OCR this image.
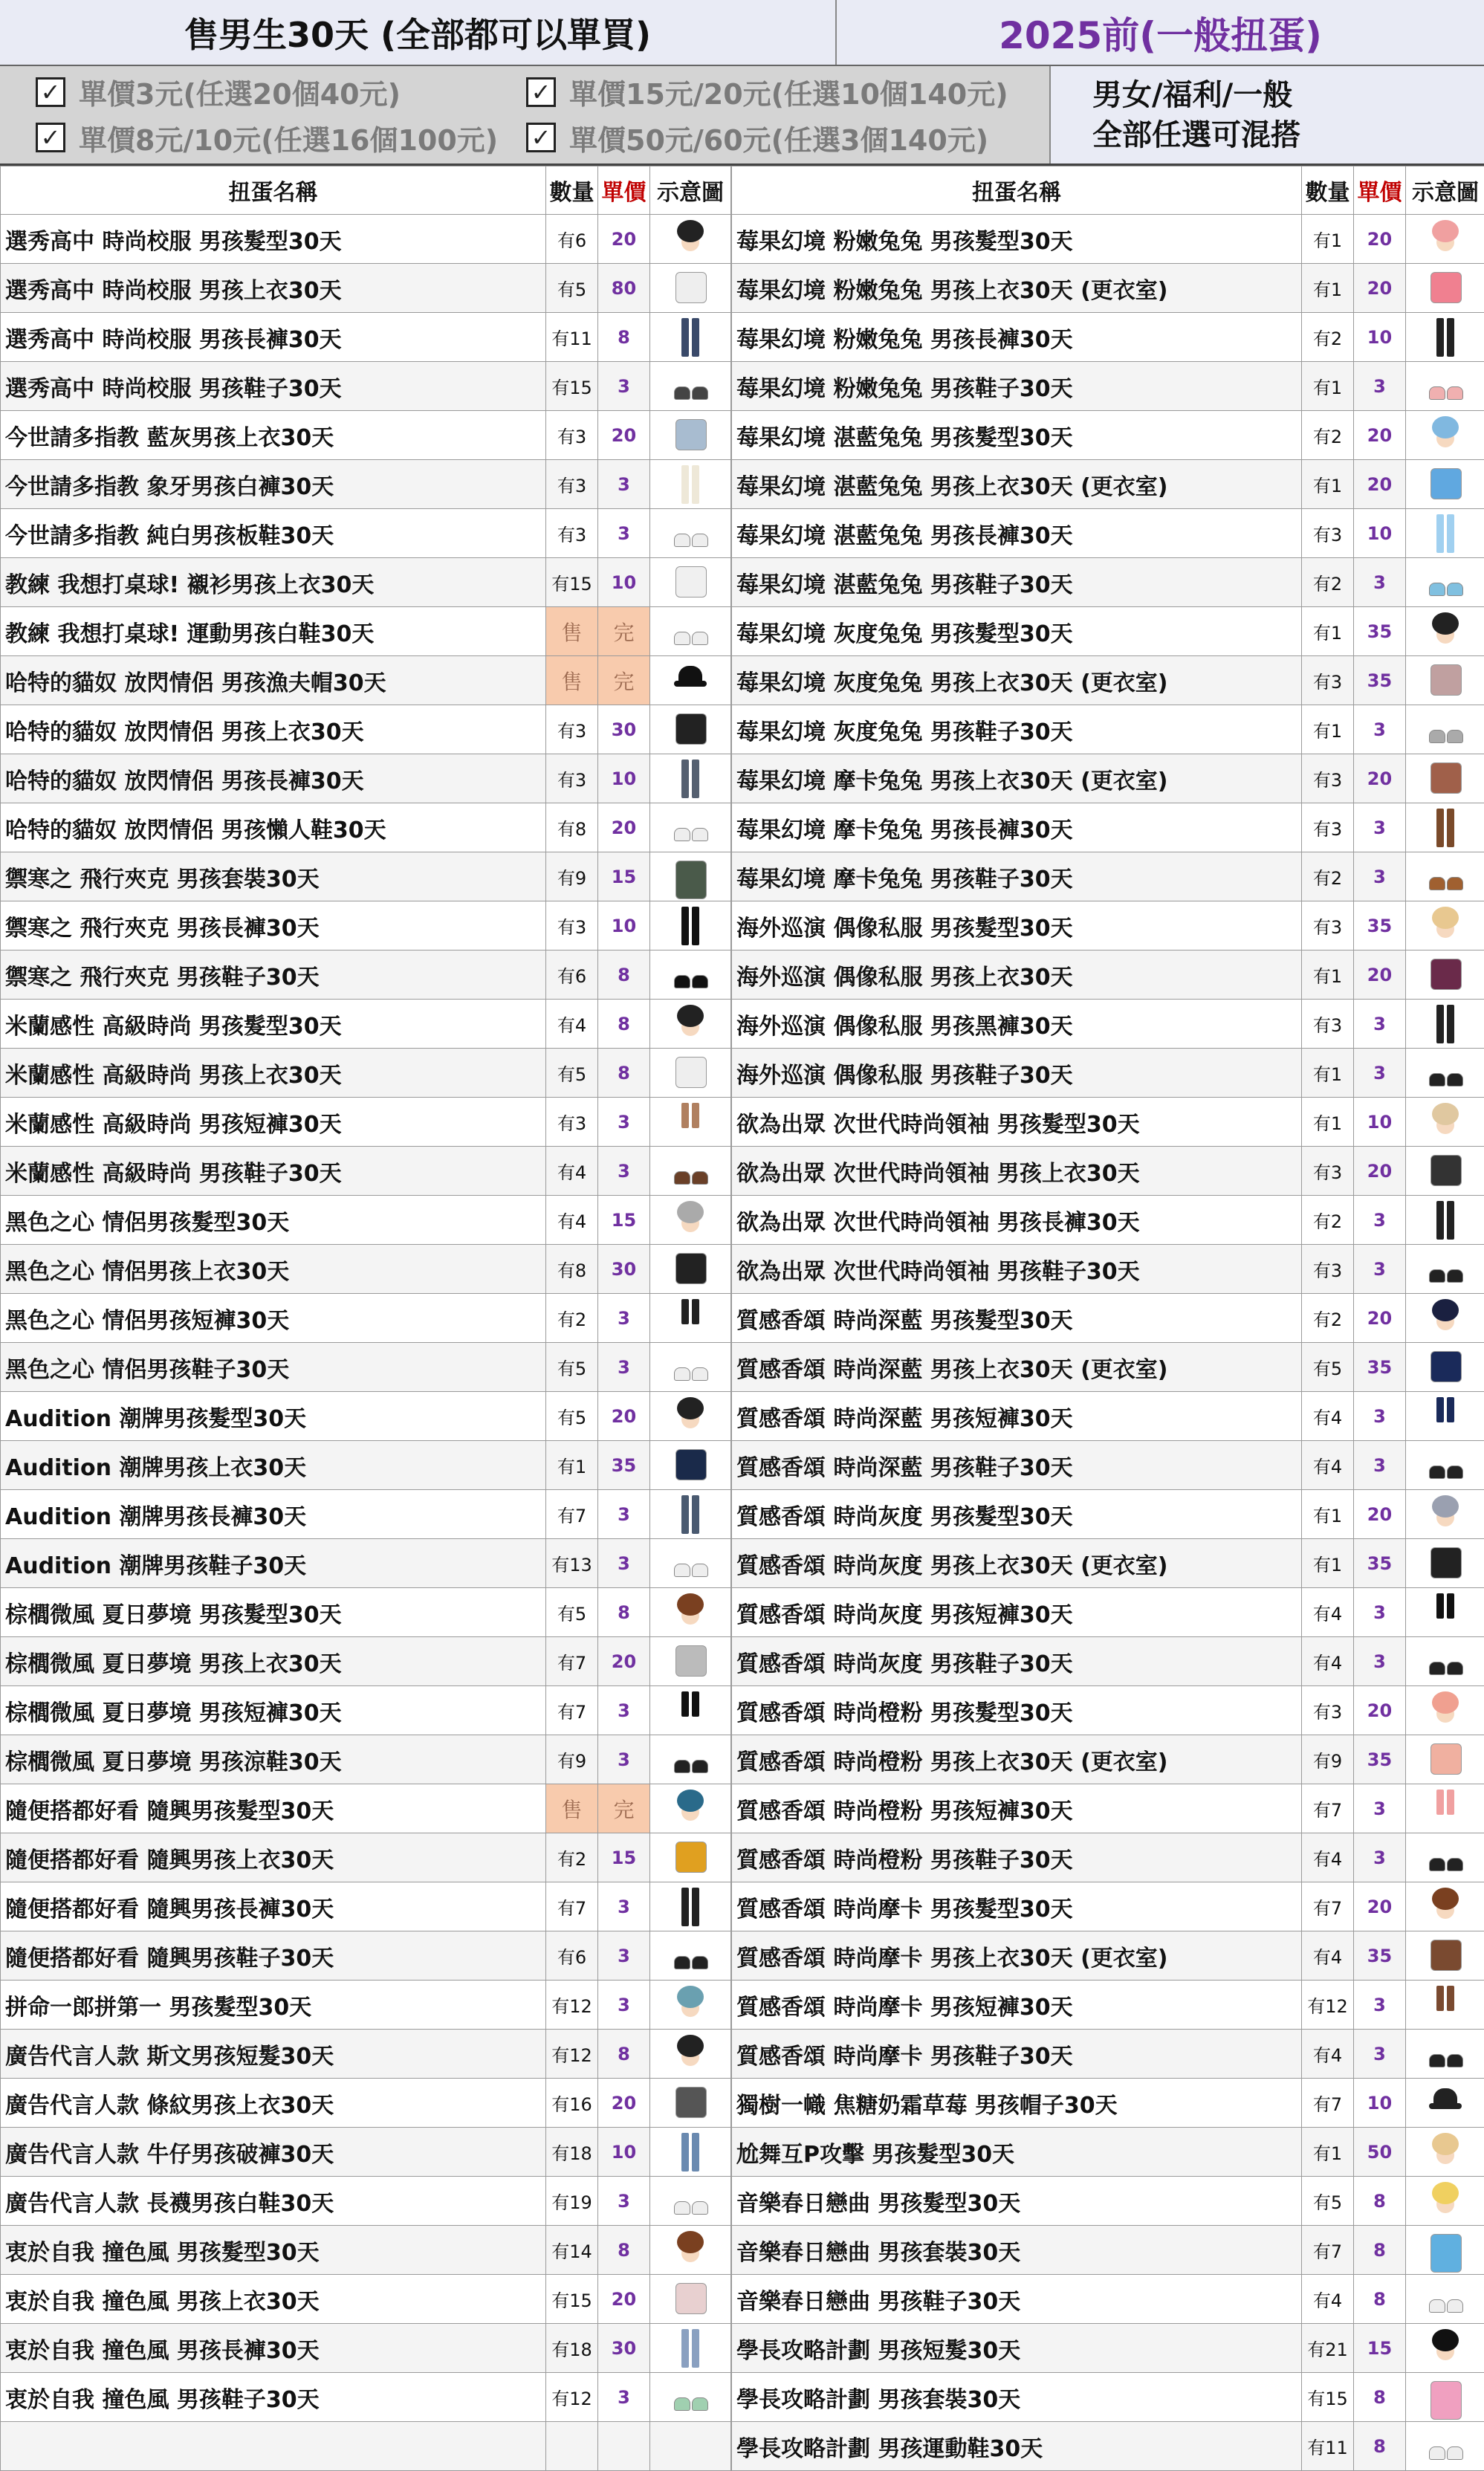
售男生30天 (全部都可以單買)	2025前(一般扭蛋)
✓ 單價3元(任選20個40元)	✓ 單價15元/20元(任選10個140元)
✓ 單價8元/10元(任選16個100元) ✓ 單價50元/60元(任選3個140元)
男女/福利/一般
全部任選可混搭
扭蛋名稱	數量	單價	示意圖
選秀高中 時尚校服 男孩髮型30天	有6	20	

選秀高中 時尚校服 男孩上衣30天	有5	80	

選秀高中 時尚校服 男孩長褲30天	有11	8	

選秀高中 時尚校服 男孩鞋子30天	有15	3	

今世請多指教 藍灰男孩上衣30天	有3	20	

今世請多指教 象牙男孩白褲30天	有3	3	

今世請多指教 純白男孩板鞋30天	有3	3	

教練 我想打桌球! 襯衫男孩上衣30天	有15	10	

教練 我想打桌球! 運動男孩白鞋30天	售	完	

哈特的貓奴 放閃情侶 男孩漁夫帽30天	售	完	

哈特的貓奴 放閃情侶 男孩上衣30天	有3	30	

哈特的貓奴 放閃情侶 男孩長褲30天	有3	10	

哈特的貓奴 放閃情侶 男孩懶人鞋30天	有8	20	

禦寒之 飛行夾克 男孩套裝30天	有9	15	

禦寒之 飛行夾克 男孩長褲30天	有3	10	

禦寒之 飛行夾克 男孩鞋子30天	有6	8	

米蘭感性 高級時尚 男孩髮型30天	有4	8	

米蘭感性 高級時尚 男孩上衣30天	有5	8	

米蘭感性 高級時尚 男孩短褲30天	有3	3	

米蘭感性 高級時尚 男孩鞋子30天	有4	3	

黑色之心 情侶男孩髮型30天	有4	15	

黑色之心 情侶男孩上衣30天	有8	30	

黑色之心 情侶男孩短褲30天	有2	3	

黑色之心 情侶男孩鞋子30天	有5	3	

Audition 潮牌男孩髮型30天	有5	20	

Audition 潮牌男孩上衣30天	有1	35	

Audition 潮牌男孩長褲30天	有7	3	

Audition 潮牌男孩鞋子30天	有13	3	

棕櫚微風 夏日夢境 男孩髮型30天	有5	8	

棕櫚微風 夏日夢境 男孩上衣30天	有7	20	

棕櫚微風 夏日夢境 男孩短褲30天	有7	3	

棕櫚微風 夏日夢境 男孩涼鞋30天	有9	3	

隨便搭都好看 隨興男孩髮型30天	售	完	

隨便搭都好看 隨興男孩上衣30天	有2	15	

隨便搭都好看 隨興男孩長褲30天	有7	3	

隨便搭都好看 隨興男孩鞋子30天	有6	3	

拼命一郎拼第一 男孩髮型30天	有12	3	

廣告代言人款 斯文男孩短髮30天	有12	8	

廣告代言人款 條紋男孩上衣30天	有16	20	

廣告代言人款 牛仔男孩破褲30天	有18	10	

廣告代言人款 長襪男孩白鞋30天	有19	3	

衷於自我 撞色風 男孩髮型30天	有14	8	

衷於自我 撞色風 男孩上衣30天	有15	20	

衷於自我 撞色風 男孩長褲30天	有18	30	

衷於自我 撞色風 男孩鞋子30天	有12	3	

扭蛋名稱	數量	單價	示意圖
莓果幻境 粉嫩兔兔 男孩髮型30天	有1	20	

莓果幻境 粉嫩兔兔 男孩上衣30天 (更衣室)	有1	20	

莓果幻境 粉嫩兔兔 男孩長褲30天	有2	10	

莓果幻境 粉嫩兔兔 男孩鞋子30天	有1	3	

莓果幻境 湛藍兔兔 男孩髮型30天	有2	20	

莓果幻境 湛藍兔兔 男孩上衣30天 (更衣室)	有1	20	

莓果幻境 湛藍兔兔 男孩長褲30天	有3	10	

莓果幻境 湛藍兔兔 男孩鞋子30天	有2	3	

莓果幻境 灰度兔兔 男孩髮型30天	有1	35	

莓果幻境 灰度兔兔 男孩上衣30天 (更衣室)	有3	35	

莓果幻境 灰度兔兔 男孩鞋子30天	有1	3	

莓果幻境 摩卡兔兔 男孩上衣30天 (更衣室)	有3	20	

莓果幻境 摩卡兔兔 男孩長褲30天	有3	3	

莓果幻境 摩卡兔兔 男孩鞋子30天	有2	3	

海外巡演 偶像私服 男孩髮型30天	有3	35	

海外巡演 偶像私服 男孩上衣30天	有1	20	

海外巡演 偶像私服 男孩黑褲30天	有3	3	

海外巡演 偶像私服 男孩鞋子30天	有1	3	

欲為出眾 次世代時尚領袖 男孩髮型30天	有1	10	

欲為出眾 次世代時尚領袖 男孩上衣30天	有3	20	

欲為出眾 次世代時尚領袖 男孩長褲30天	有2	3	

欲為出眾 次世代時尚領袖 男孩鞋子30天	有3	3	

質感香頌 時尚深藍 男孩髮型30天	有2	20	

質感香頌 時尚深藍 男孩上衣30天 (更衣室)	有5	35	

質感香頌 時尚深藍 男孩短褲30天	有4	3	

質感香頌 時尚深藍 男孩鞋子30天	有4	3	

質感香頌 時尚灰度 男孩髮型30天	有1	20	

質感香頌 時尚灰度 男孩上衣30天 (更衣室)	有1	35	

質感香頌 時尚灰度 男孩短褲30天	有4	3	

質感香頌 時尚灰度 男孩鞋子30天	有4	3	

質感香頌 時尚橙粉 男孩髮型30天	有3	20	

質感香頌 時尚橙粉 男孩上衣30天 (更衣室)	有9	35	

質感香頌 時尚橙粉 男孩短褲30天	有7	3	

質感香頌 時尚橙粉 男孩鞋子30天	有4	3	

質感香頌 時尚摩卡 男孩髮型30天	有7	20	

質感香頌 時尚摩卡 男孩上衣30天 (更衣室)	有4	35	

質感香頌 時尚摩卡 男孩短褲30天	有12	3	

質感香頌 時尚摩卡 男孩鞋子30天	有4	3	

獨樹一幟 焦糖奶霜草莓 男孩帽子30天	有7	10	

尬舞互P攻擊 男孩髮型30天	有1	50	

音樂春日戀曲 男孩髮型30天	有5	8	

音樂春日戀曲 男孩套裝30天	有7	8	

音樂春日戀曲 男孩鞋子30天	有4	8	

學長攻略計劃 男孩短髮30天	有21	15	

學長攻略計劃 男孩套裝30天	有15	8	

學長攻略計劃 男孩運動鞋30天	有11	8	
